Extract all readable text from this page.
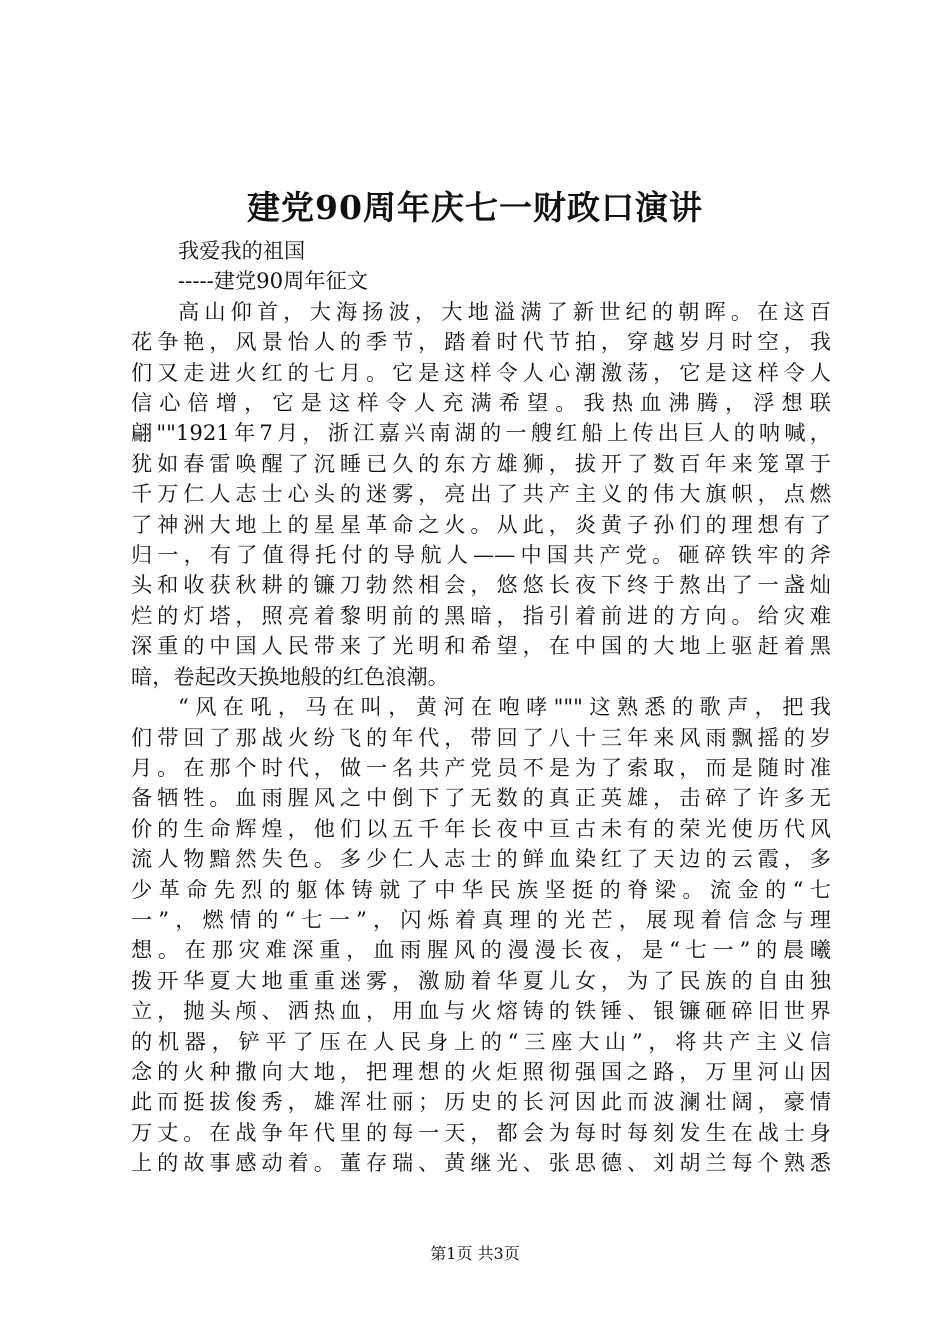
建党90周年庆七一财政口演讲
我爱我的祖国
-----建党90周年征文
高山仰首，大海扬波，大地溢满了新世纪的朝晖。在这百
花争艳，风景怡人的季节，踏着时代节拍，穿越岁月时空，我
们又走进火红的七月。它是这样令人心潮激荡，它是这样令人
信心倍增，它是这样令人充满希望。我热血沸腾，浮想联
翩""1921年7月，浙江嘉兴南湖的一艘红船上传出巨人的呐喊，
犹如春雷唤醒了沉睡已久的东方雄狮，拔开了数百年来笼罩于
千万仁人志士心头的迷雾，亮出了共产主义的伟大旗帜，点燃
了神洲大地上的星星革命之火。从此，炎黄子孙们的理想有了
归一，有了值得托付的导航人——中国共产党。砸碎铁牢的斧
头和收获秋耕的镰刀勃然相会，悠悠长夜下终于熬出了一盏灿
烂的灯塔，照亮着黎明前的黑暗，指引着前进的方向。给灾难
深重的中国人民带来了光明和希望，在中国的大地上驱赶着黑
暗，卷起改天换地般的红色浪潮。
“风在吼，马在叫，黄河在咆哮"""这熟悉的歌声，把我
们带回了那战火纷飞的年代，带回了八十三年来风雨飘摇的岁
月。在那个时代，做一名共产党员不是为了索取，而是随时准
备牺牲。血雨腥风之中倒下了无数的真正英雄，击碎了许多无
价的生命辉煌，他们以五千年长夜中亘古未有的荣光使历代风
流人物黯然失色。多少仁人志士的鲜血染红了天边的云霞，多
少革命先烈的躯体铸就了中华民族坚挺的脊梁。流金的“七
一”，燃情的“七一”，闪烁着真理的光芒，展现着信念与理
想。在那灾难深重，血雨腥风的漫漫长夜，是“七一”的晨曦
拨开华夏大地重重迷雾，激励着华夏儿女，为了民族的自由独
立，抛头颅、洒热血，用血与火熔铸的铁锤、银镰砸碎旧世界
的机器，铲平了压在人民身上的“三座大山”，将共产主义信
念的火种撒向大地，把理想的火炬照彻强国之路，万里河山因
此而挺拔俊秀，雄浑壮丽；历史的长河因此而波澜壮阔，豪情
万丈。在战争年代里的每一天，都会为每时每刻发生在战士身
上的故事感动着。董存瑞、黄继光、张思德、刘胡兰每个熟悉
第1页 共3页
